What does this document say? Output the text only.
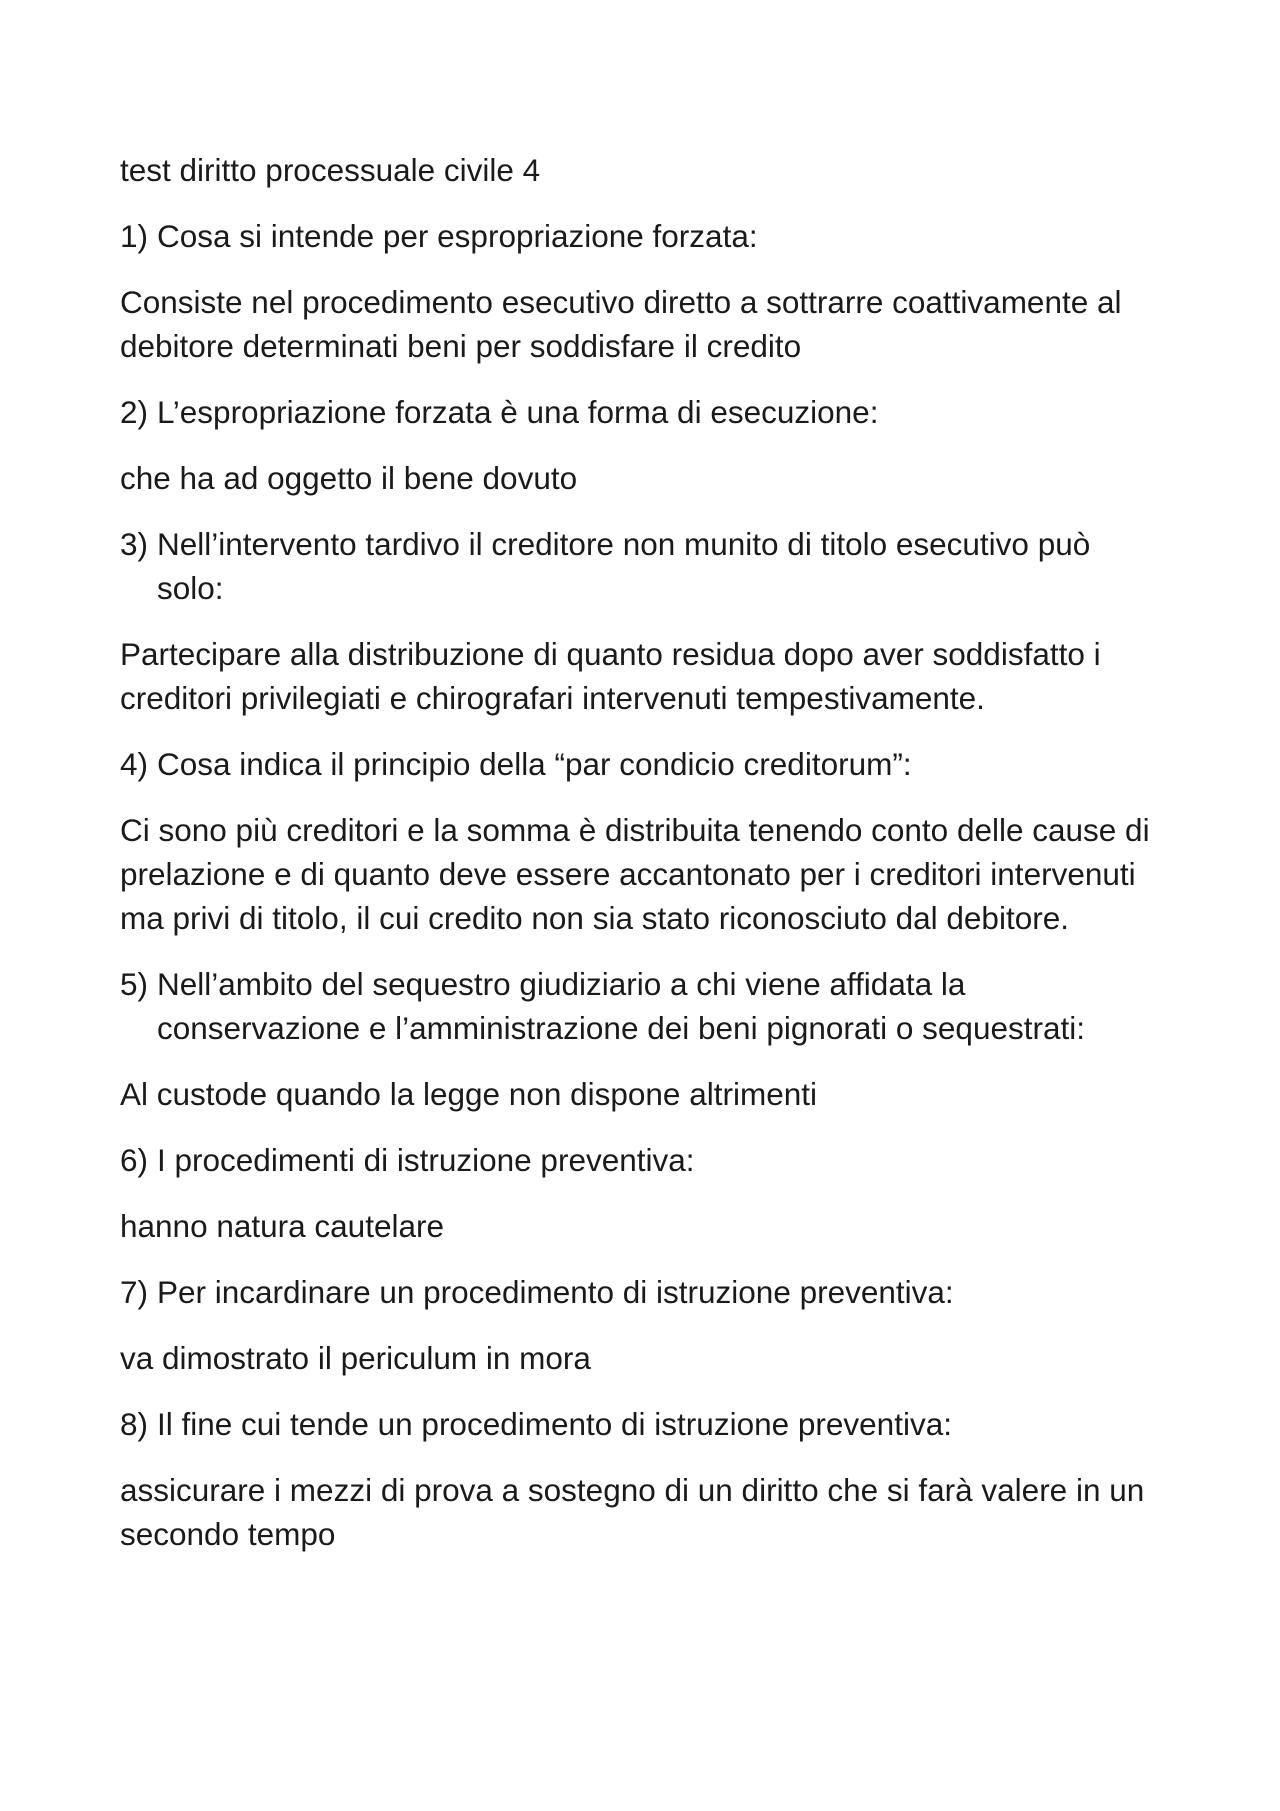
test diritto processuale civile 4
1) Cosa si intende per espropriazione forzata:
Consiste nel procedimento esecutivo diretto a sottrarre coattivamente al debitore determinati beni per soddisfare il credito
2) L’espropriazione forzata è una forma di esecuzione:
che ha ad oggetto il bene dovuto
3) Nell’intervento tardivo il creditore non munito di titolo esecutivo può solo:
Partecipare alla distribuzione di quanto residua dopo aver soddisfatto i creditori privilegiati e chirografari intervenuti tempestivamente.
4) Cosa indica il principio della “par condicio creditorum”:
Ci sono più creditori e la somma è distribuita tenendo conto delle cause di prelazione e di quanto deve essere accantonato per i creditori intervenuti ma privi di titolo, il cui credito non sia stato riconosciuto dal debitore.
5) Nell’ambito del sequestro giudiziario a chi viene affidata la conservazione e l’amministrazione dei beni pignorati o sequestrati:
Al custode quando la legge non dispone altrimenti
6) I procedimenti di istruzione preventiva:
hanno natura cautelare
7) Per incardinare un procedimento di istruzione preventiva:
va dimostrato il periculum in mora
8) Il fine cui tende un procedimento di istruzione preventiva:
assicurare i mezzi di prova a sostegno di un diritto che si farà valere in un secondo tempo
